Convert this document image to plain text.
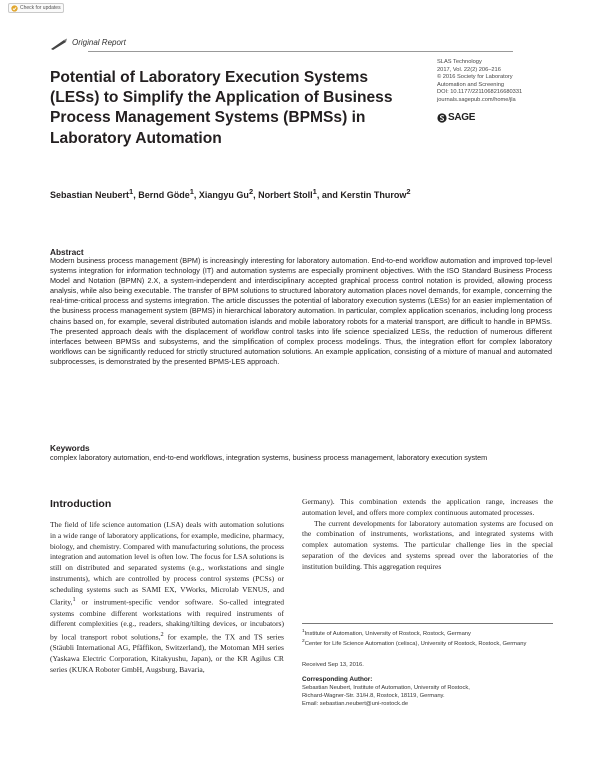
Check for updates
Original Report
Potential of Laboratory Execution Systems (LESs) to Simplify the Application of Business Process Management Systems (BPMSs) in Laboratory Automation
SLAS Technology
2017, Vol. 22(2) 206–216
© 2016 Society for Laboratory
Automation and Screening
DOI: 10.1177/2211068216680331
journals.sagepub.com/home/jla
SAGE
Sebastian Neubert$^1$, Bernd Göde$^1$, Xiangyu Gu$^2$, Norbert Stoll$^1$, and Kerstin Thurow$^2$
Abstract

Modern business process management (BPM) is increasingly interesting for laboratory automation. End-to-end workflow automation and improved top-level systems integration for information technology (IT) and automation systems are especially prominent objectives. With the ISO Standard Business Process Model and Notation (BPMN) 2.X, a system-independent and interdisciplinary accepted graphical process control notation is provided, allowing process analysis, while also being executable. The transfer of BPM solutions to structured laboratory automation places novel demands, for example, concerning the real-time-critical process and systems integration. The article discusses the potential of laboratory execution systems (LESs) for an easier implementation of the business process management system (BPMS) in hierarchical laboratory automation. In particular, complex application scenarios, including long process chains based on, for example, several distributed automation islands and mobile laboratory robots for a material transport, are difficult to handle in BPMSs. The presented approach deals with the displacement of workflow control tasks into life science specialized LESs, the reduction of numerous different interfaces between BPMSs and subsystems, and the simplification of complex process modelings. Thus, the integration effort for complex laboratory workflows can be significantly reduced for strictly structured automation solutions. An example application, consisting of a mixture of manual and automated subprocesses, is demonstrated by the presented BPMS-LES approach.

Keywords

complex laboratory automation, end-to-end workflows, integration systems, business process management, laboratory execution system

Introduction

The field of life science automation (LSA) deals with automation solutions in a wide range of laboratory applications, for example, medicine, pharmacy, biology, and chemistry. Compared with manufacturing solutions, the process integration and automation level is often low. The focus for LSA solutions is still on distributed and separated systems (e.g., workstations and single instruments), which are controlled by process control systems (PCSs) or scheduling systems such as SAMI EX, VWorks, Microlab VENUS, and Clarity,$^1$ or instrument-specific vendor software. So-called integrated systems combine different workstations with required instruments of different complexities (e.g., readers, shaking/tilting devices, or incubators) by local transport robot solutions,$^2$ for example, the TX and TS series (Stäubli International AG, Pfäffikon, Switzerland), the Motoman MH series (Yaskawa Electric Corporation, Kitakyushu, Japan), or the KR Agilus CR series (KUKA Roboter GmbH, Augsburg, Bavaria,

Germany). This combination extends the application range, increases the automation level, and offers more complex continuous automated processes.

The current developments for laboratory automation systems are focused on the combination of instruments, workstations, and integrated systems with complex automation systems. The particular challenge lies in the special separation of the devices and systems spread over the laboratories of the institution building. This aggregation requires

$^1$Institute of Automation, University of Rostock, Rostock, Germany
$^2$Center for Life Science Automation (celisca), University of Rostock, Rostock, Germany
Received Sep 13, 2016.
Corresponding Author:
Sebastian Neubert, Institute of Automation, University of Rostock,
Richard-Wagner-Str. 31/H.8, Rostock, 18119, Germany.
Email: sebastian.neubert@uni-rostock.de
